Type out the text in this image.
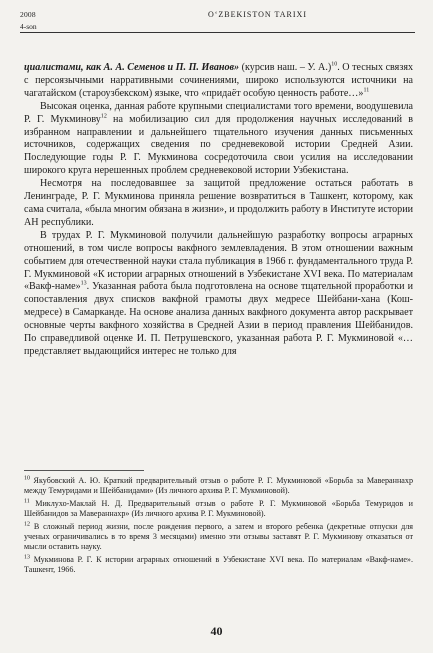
2008	O‘ZBEKISTON TARIXI
4-son

циалистами, как А. А. Семенов и П. П. Иванов» (курсив наш. – У. А.)$^{10}$. О тесных связях с персоязычными нарративными сочинениями, широко используются источники на чагатайском (староузбекском) языке, что «придаёт особую ценность работе…»$^{11}$

Высокая оценка, данная работе крупными специалистами того времени, воодушевила Р. Г. Мукминову$^{12}$ на мобилизацию сил для продолжения научных исследований в избранном направлении и дальнейшего тщательного изучения данных письменных источников, содержащих сведения по средневековой истории Средней Азии. Последующие годы Р. Г. Мукминова сосредоточила свои усилия на исследовании широкого круга нерешенных проблем средневековой истории Узбекистана.

Несмотря на последовавшее за защитой предложение остаться работать в Ленинграде, Р. Г. Мукминова приняла решение возвратиться в Ташкент, которому, как сама считала, «была многим обязана в жизни», и продолжить работу в Институте истории АН республики.

В трудах Р. Г. Мукминовой получили дальнейшую разработку вопросы аграрных отношений, в том числе вопросы вакфного землевладения. В этом отношении важным событием для отечественной науки стала публикация в 1966 г. фундаментального труда Р. Г. Мукминовой «К истории аграрных отношений в Узбекистане XVI века. По материалам «Вакф-наме»$^{13}$. Указанная работа была подготовлена на основе тщательной проработки и сопоставления двух списков вакфной грамоты двух медресе Шейбани-хана (Кош-медресе) в Самарканде. На основе анализа данных вакфного документа автор раскрывает основные черты вакфного хозяйства в Средней Азии в период правления Шейбанидов. По справедливой оценке И. П. Петрушевского, указанная работа Р. Г. Мукминовой «…представляет выдающийся интерес не только для

$^{10}$ Якубовский А. Ю. Краткий предварительный отзыв о работе Р. Г. Мукминовой «Борьба за Мавераннахр между Темуридами и Шейбанидами» (Из личного архива Р. Г. Мукминовой).

$^{11}$ Миклухо-Маклай Н. Д. Предварительный отзыв о работе Р. Г. Мукминовой «Борьба Темуридов и Шейбанидов за Мавераннахр» (Из личного архива Р. Г. Мукминовой).

$^{12}$ В сложный период жизни, после рождения первого, а затем и второго ребенка (декретные отпуски для ученых ограничивались в то время 3 месяцами) именно эти отзывы заставят Р. Г. Мукминову отказаться от мысли оставить науку.

$^{13}$ Мукминова Р. Г. К истории аграрных отношений в Узбекистане XVI века. По материалам «Вакф-наме». Ташкент, 1966.

40
